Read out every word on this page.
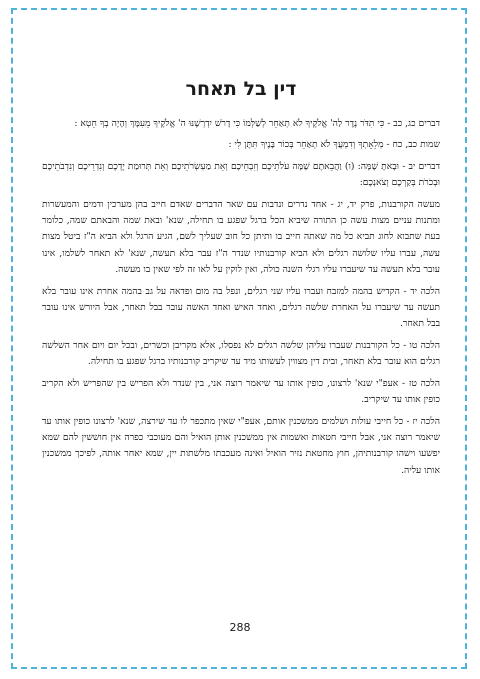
דין בל תאחר

דברים כג, כב - כִּי תִדֹּר נֶדֶר לַה' אֱלֹקֶיךָ לֹא תְאַחֵר לְשַׁלְּמוֹ כִּי דָרֹשׁ יִדְרְשֶׁנּוּ ה' אֱלֹקֶיךָ מֵעִמָּךְ וְהָיָה בְךָ חֵטְא :

שמות כב, כח - מְלֵאָתְךָ וְדִמְעֲךָ לֹא תְאַחֵר בְּכוֹר בָּנֶיךָ תִּתֶּן לִּי :

דברים יב - וּבָאתָ שָׁמָּה: (ו) וַהֲבֵאתֶם שָׁמָּה עֹלֹתֵיכֶם וְזִבְחֵיכֶם וְאֵת מַעְשְׂרֹתֵיכֶם וְאֵת תְּרוּמַת יֶדְכֶם וְנִדְרֵיכֶם וְנִדְבֹתֵיכֶם וּבְכֹרֹת בְּקַרְכֶם וְצֹאנְכֶם:

מעשה הקורבנות, פרק יד, יג - אחד נדרים ונדבות עם שאר הדברים שאדם חייב בהן מערכין ודמים והמעשרות ומתנות עניים מצות עשה כן התורה שיביא הכל ברגל שפגע בו תחילה, שנא' ובאת שמה והבאתם שמה, כלומר בעת שתבוא לחוג תביא כל מה שאתה חייב בו ותיתן כל חוב שעליך לשם, הגיע הרגל ולא הביא ה"ז ביטל מצות עשה, עברו עליו שלושה רגלים ולא הביא קורבנותיו שנדר ה"ז עבר בלא תעשה, שנא' לא תאחר לשלמו, אינו עובר בלא תעשה עד שיעברו עליו רגלי השנה כולה, ואין לוקין על לאו זה לפי שאין בו מעשה.

הלכה יד - הקדיש בהמה למזבח ועברו עליו שני רגלים, ונפל בה מום ופדאה על גב בהמה אחרת אינו עובר בלא תעשה עד שיעברו על האחרת שלשה רגלים, ואחד האיש ואחד האשה עובר בבל תאחר, אבל היורש אינו עובר בבל תאחר.

הלכה טו - כל הקורבנות שעברו עליהן שלשה רגלים לא נפסלו, אלא מקריבן וכשרים, ובכל יום ויום אחר השלשה רגלים הוא עובר בלא תאחר, ובית דין מצווין לעשותו מיד עד שיקריב קורבנותיו ברגל שפגע בו תחילה.

הלכה טז - אעפ"י שנא' לרצונו, כופין אותו עד שיאמר רוצה אני, בין שנדר ולא הפריש בין שהפריש ולא הקריב כופין אותו עד שיקריב.

הלכה יז - כל חייבי עולות ושלמים ממשכנין אותם, אעפ"י שאין מתכפר לו עד שירצה, שנא' לרצונו כופין אותו עד שיאמר רוצה אני, אבל חייבי חטאות ואשמות אין ממשכנין אותן הואיל והם מעוכבי כפרה אין חוששין להם שמא יפשעו וישהו קורבנותיהן, חוץ מחטאת נזיר הואיל ואינה מעכבתו מלשתות יין, שמא יאחר אותה, לפיכך ממשכנין אותו עליה.

288
